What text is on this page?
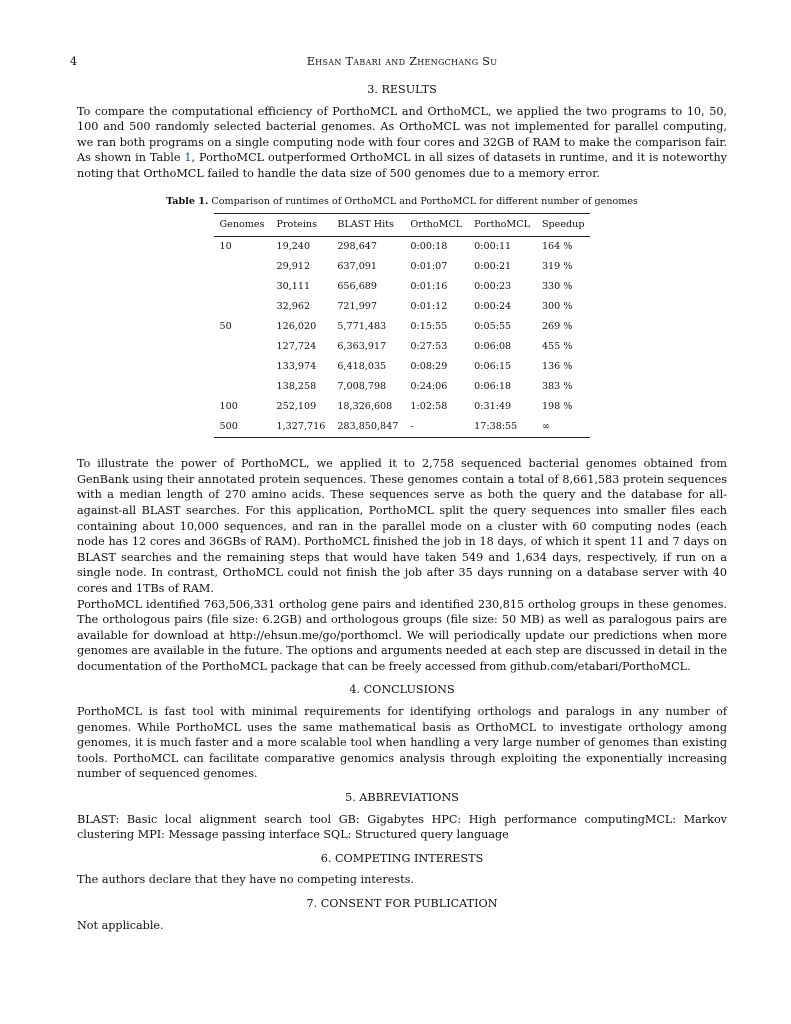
4	Ehsan Tabari and Zhengchang Su
3. RESULTS

To compare the computational efficiency of PorthoMCL and OrthoMCL, we applied the two programs to 10, 50, 100 and 500 randomly selected bacterial genomes. As OrthoMCL was not implemented for parallel computing, we ran both programs on a single computing node with four cores and 32GB of RAM to make the comparison fair. As shown in Table 1, PorthoMCL outperformed OrthoMCL in all sizes of datasets in runtime, and it is noteworthy noting that OrthoMCL failed to handle the data size of 500 genomes due to a memory error.

Table 1. Comparison of runtimes of OrthoMCL and PorthoMCL for different number of genomes
Genomes	Proteins	BLAST Hits	OrthoMCL	PorthoMCL	Speedup
10	19,240	298,647	0:00:18	0:00:11	164 %
	29,912	637,091	0:01:07	0:00:21	319 %
	30,111	656,689	0:01:16	0:00:23	330 %
	32,962	721,997	0:01:12	0:00:24	300 %
50	126,020	5,771,483	0:15:55	0:05:55	269 %
	127,724	6,363,917	0:27:53	0:06:08	455 %
	133,974	6,418,035	0:08:29	0:06:15	136 %
	138,258	7,008,798	0:24:06	0:06:18	383 %
100	252,109	18,326,608	1:02:58	0:31:49	198 %
500	1,327,716	283,850,847	-	17:38:55	∞

To illustrate the power of PorthoMCL, we applied it to 2,758 sequenced bacterial genomes obtained from GenBank using their annotated protein sequences. These genomes contain a total of 8,661,583 protein sequences with a median length of 270 amino acids. These sequences serve as both the query and the database for all-against-all BLAST searches. For this application, PorthoMCL split the query sequences into smaller files each containing about 10,000 sequences, and ran in the parallel mode on a cluster with 60 computing nodes (each node has 12 cores and 36GBs of RAM). PorthoMCL finished the job in 18 days, of which it spent 11 and 7 days on BLAST searches and the remaining steps that would have taken 549 and 1,634 days, respectively, if run on a single node. In contrast, OrthoMCL could not finish the job after 35 days running on a database server with 40 cores and 1TBs of RAM.

PorthoMCL identified 763,506,331 ortholog gene pairs and identified 230,815 ortholog groups in these genomes. The orthologous pairs (file size: 6.2GB) and orthologous groups (file size: 50 MB) as well as paralogous pairs are available for download at http://ehsun.me/go/porthomcl. We will periodically update our predictions when more genomes are available in the future. The options and arguments needed at each step are discussed in detail in the documentation of the PorthoMCL package that can be freely accessed from github.com/etabari/PorthoMCL.

4. CONCLUSIONS

PorthoMCL is fast tool with minimal requirements for identifying orthologs and paralogs in any number of genomes. While PorthoMCL uses the same mathematical basis as OrthoMCL to investigate orthology among genomes, it is much faster and a more scalable tool when handling a very large number of genomes than existing tools. PorthoMCL can facilitate comparative genomics analysis through exploiting the exponentially increasing number of sequenced genomes.

5. ABBREVIATIONS

BLAST: Basic local alignment search tool GB: Gigabytes HPC: High performance computingMCL: Markov clustering MPI: Message passing interface SQL: Structured query language

6. COMPETING INTERESTS

The authors declare that they have no competing interests.

7. CONSENT FOR PUBLICATION

Not applicable.
